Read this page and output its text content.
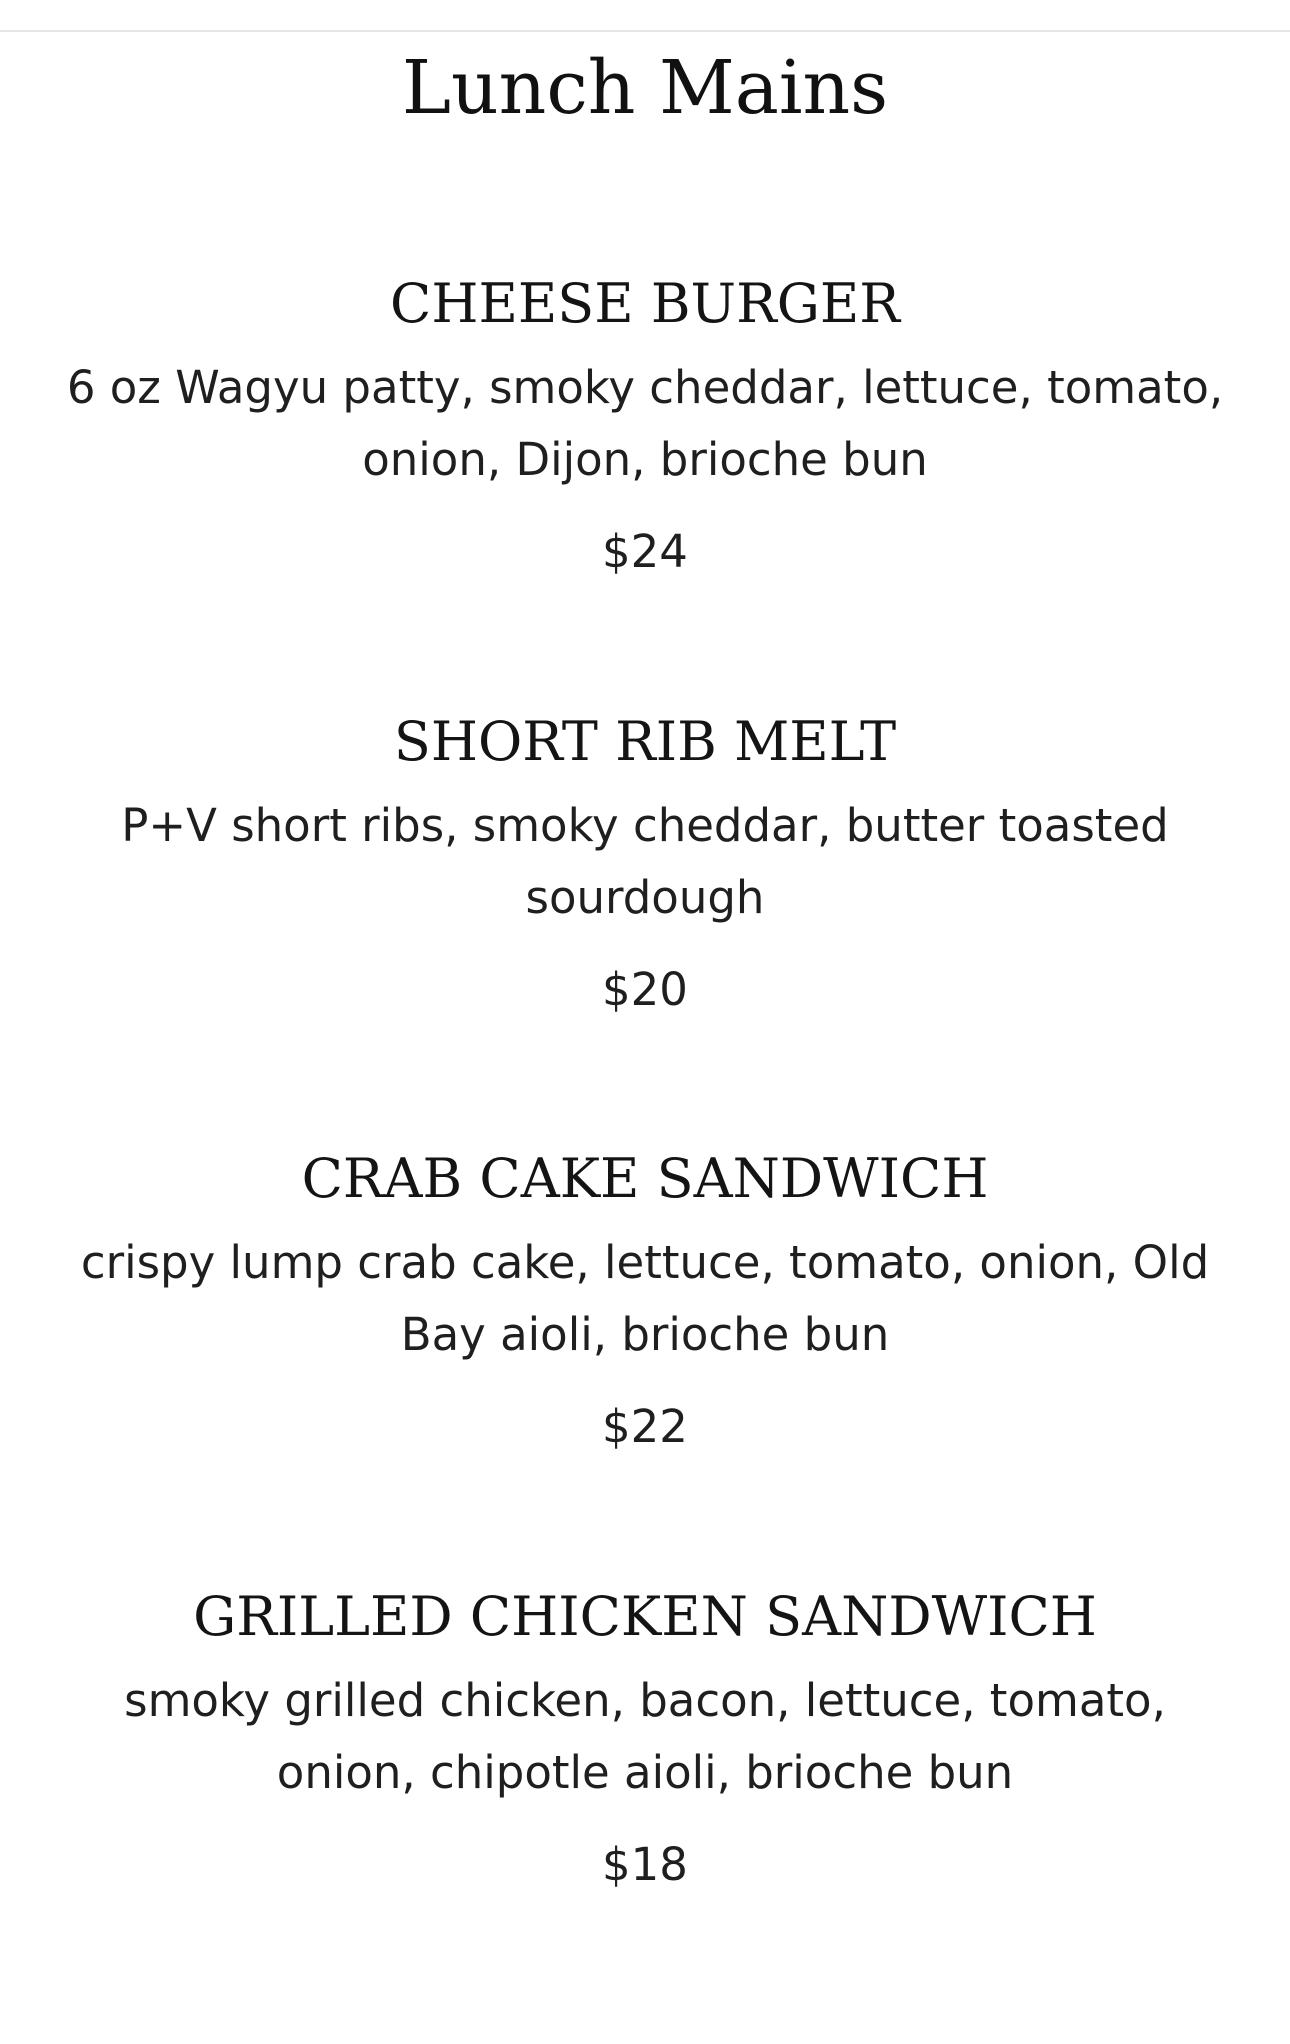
Lunch Mains
CHEESE BURGER
6 oz Wagyu patty, smoky cheddar, lettuce, tomato,
onion, Dijon, brioche bun
$24
SHORT RIB MELT
P+V short ribs, smoky cheddar, butter toasted
sourdough
$20
CRAB CAKE SANDWICH
crispy lump crab cake, lettuce, tomato, onion, Old
Bay aioli, brioche bun
$22
GRILLED CHICKEN SANDWICH
smoky grilled chicken, bacon, lettuce, tomato,
onion, chipotle aioli, brioche bun
$18
